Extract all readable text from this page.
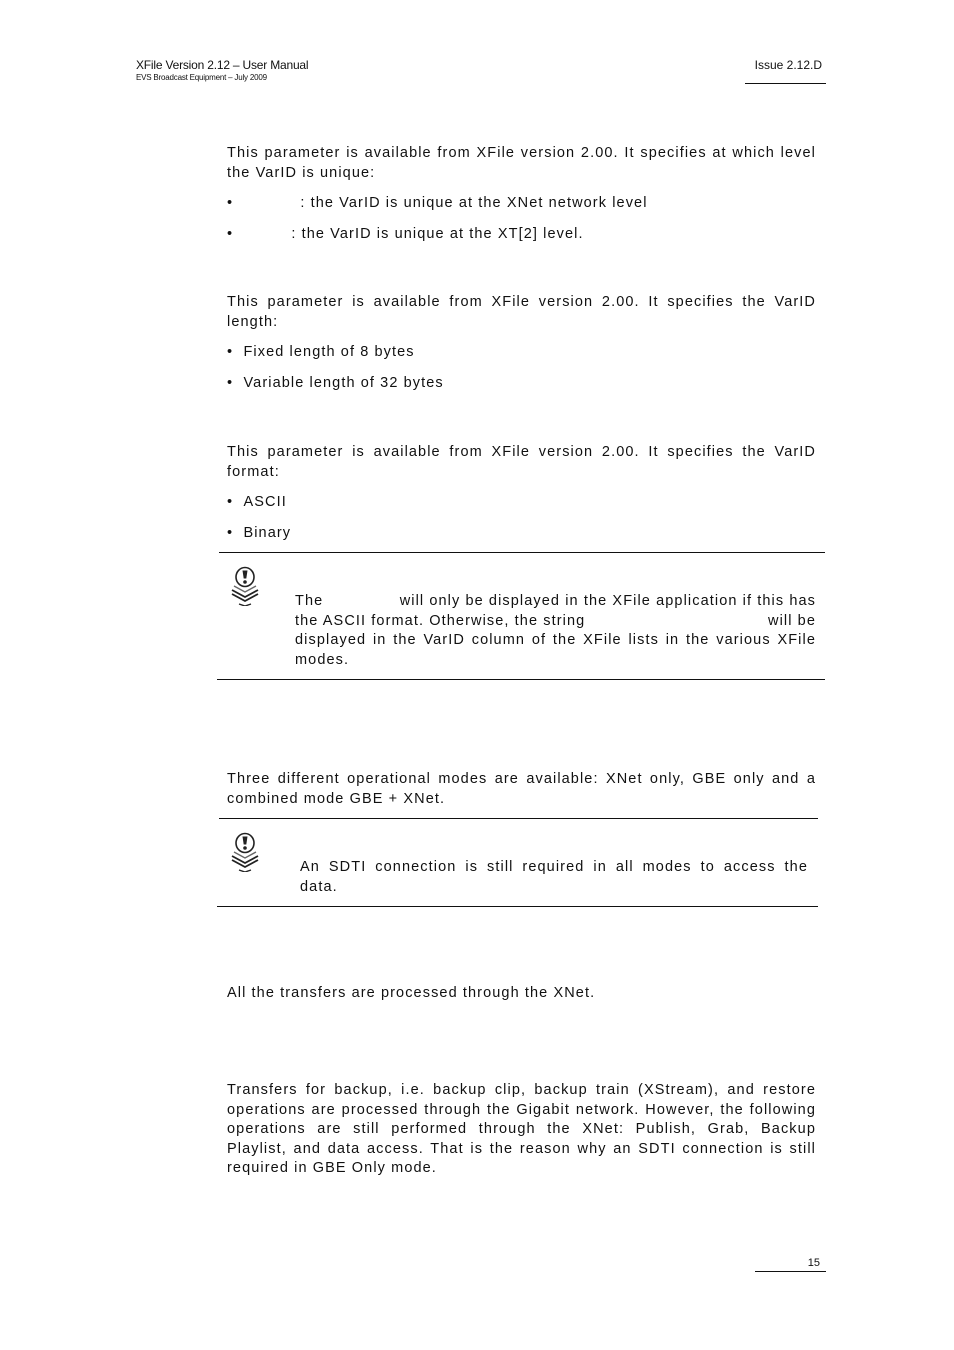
XFile Version 2.12 – User Manual
EVS Broadcast Equipment – July 2009
Issue 2.12.D

This parameter is available from XFile version 2.00. It specifies at which level the VarID is unique:

•	: the VarID is unique at the XNet network level
•	: the VarID is unique at the XT[2] level.

This parameter is available from XFile version 2.00. It specifies the VarID length:

• Fixed length of 8 bytes
• Variable length of 32 bytes

This parameter is available from XFile version 2.00. It specifies the VarID format:

• ASCII
• Binary
The	will only be displayed in the XFile application if this has
the ASCII format. Otherwise, the string	will be
displayed in the VarID column of the XFile lists in the various XFile modes.

Three different operational modes are available: XNet only, GBE only and a combined mode GBE + XNet.

An SDTI connection is still required in all modes to access the data.

All the transfers are processed through the XNet.

Transfers for backup, i.e. backup clip, backup train (XStream), and restore operations are processed through the Gigabit network. However, the following operations are still performed through the XNet: Publish, Grab, Backup Playlist, and data access. That is the reason why an SDTI connection is still required in GBE Only mode.

15
